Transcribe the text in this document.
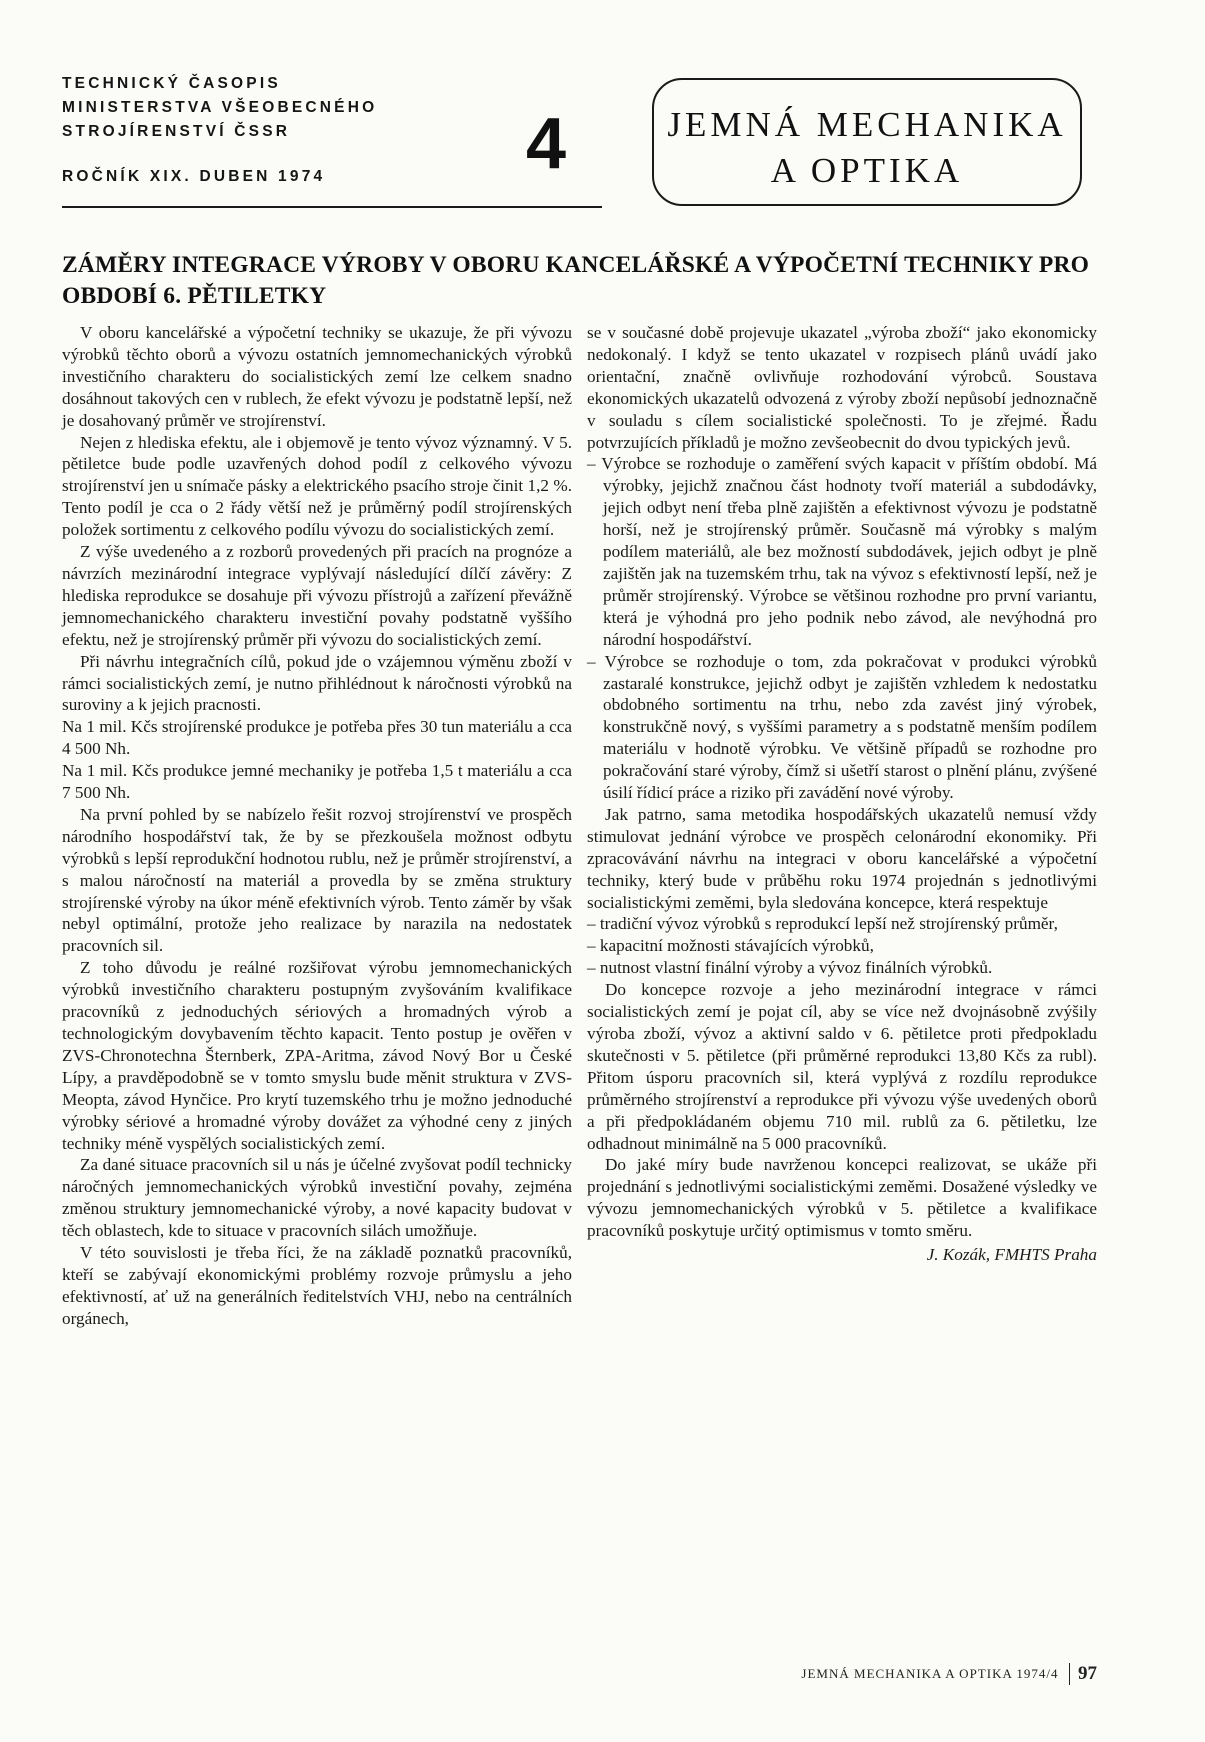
TECHNICKÝ ČASOPIS
MINISTERSTVA VŠEOBECNÉHO
STROJÍRENSTVÍ ČSSR
ROČNÍK XIX. DUBEN 1974	4	JEMNÁ MECHANIKA
A OPTIKA
ZÁMĚRY INTEGRACE VÝROBY V OBORU KANCELÁŘSKÉ A VÝPOČETNÍ TECHNIKY PRO OBDOBÍ 6. PĚTILETKY

V oboru kancelářské a výpočetní techniky se ukazuje, že při vývozu výrobků těchto oborů a vývozu ostatních jemnomechanických výrobků investičního charakteru do socialistických zemí lze celkem snadno dosáhnout takových cen v rublech, že efekt vývozu je podstatně lepší, než je dosahovaný průměr ve strojírenství.

Nejen z hlediska efektu, ale i objemově je tento vývoz významný. V 5. pětiletce bude podle uzavřených dohod podíl z celkového vývozu strojírenství jen u snímače pásky a elektrického psacího stroje činit 1,2 %. Tento podíl je cca o 2 řády větší než je průměrný podíl strojírenských položek sortimentu z celkového podílu vývozu do socialistických zemí.

Z výše uvedeného a z rozborů provedených při pracích na prognóze a návrzích mezinárodní integrace vyplývají následující dílčí závěry: Z hlediska reprodukce se dosahuje při vývozu přístrojů a zařízení převážně jemnomechanického charakteru investiční povahy podstatně vyššího efektu, než je strojírenský průměr při vývozu do socialistických zemí.

Při návrhu integračních cílů, pokud jde o vzájemnou výměnu zboží v rámci socialistických zemí, je nutno přihlédnout k náročnosti výrobků na suroviny a k jejich pracnosti.

Na 1 mil. Kčs strojírenské produkce je potřeba přes 30 tun materiálu a cca 4 500 Nh.

Na 1 mil. Kčs produkce jemné mechaniky je potřeba 1,5 t materiálu a cca 7 500 Nh.

Na první pohled by se nabízelo řešit rozvoj strojírenství ve prospěch národního hospodářství tak, že by se přezkoušela možnost odbytu výrobků s lepší reprodukční hodnotou rublu, než je průměr strojírenství, a s malou náročností na materiál a provedla by se změna struktury strojírenské výroby na úkor méně efektivních výrob. Tento záměr by však nebyl optimální, protože jeho realizace by narazila na nedostatek pracovních sil.

Z toho důvodu je reálné rozšiřovat výrobu jemnomechanických výrobků investičního charakteru postupným zvyšováním kvalifikace pracovníků z jednoduchých sériových a hromadných výrob a technologickým dovybavením těchto kapacit. Tento postup je ověřen v ZVS-Chronotechna Šternberk, ZPA-Aritma, závod Nový Bor u České Lípy, a pravděpodobně se v tomto smyslu bude měnit struktura v ZVS-Meopta, závod Hynčice. Pro krytí tuzemského trhu je možno jednoduché výrobky sériové a hromadné výroby dovážet za výhodné ceny z jiných techniky méně vyspělých socialistických zemí.

Za dané situace pracovních sil u nás je účelné zvyšovat podíl technicky náročných jemnomechanických výrobků investiční povahy, zejména změnou struktury jemnomechanické výroby, a nové kapacity budovat v těch oblastech, kde to situace v pracovních silách umožňuje.

V této souvislosti je třeba říci, že na základě poznatků pracovníků, kteří se zabývají ekonomickými problémy rozvoje průmyslu a jeho efektivností, ať už na generálních ředitelstvích VHJ, nebo na centrálních orgánech,

se v současné době projevuje ukazatel „výroba zboží“ jako ekonomicky nedokonalý. I když se tento ukazatel v rozpisech plánů uvádí jako orientační, značně ovlivňuje rozhodování výrobců. Soustava ekonomických ukazatelů odvozená z výroby zboží nepůsobí jednoznačně v souladu s cílem socialistické společnosti. To je zřejmé. Řadu potvrzujících příkladů je možno zevšeobecnit do dvou typických jevů.

– Výrobce se rozhoduje o zaměření svých kapacit v příštím období. Má výrobky, jejichž značnou část hodnoty tvoří materiál a subdodávky, jejich odbyt není třeba plně zajištěn a efektivnost vývozu je podstatně horší, než je strojírenský průměr. Současně má výrobky s malým podílem materiálů, ale bez možností subdodávek, jejich odbyt je plně zajištěn jak na tuzemském trhu, tak na vývoz s efektivností lepší, než je průměr strojírenský. Výrobce se většinou rozhodne pro první variantu, která je výhodná pro jeho podnik nebo závod, ale nevýhodná pro národní hospodářství.

– Výrobce se rozhoduje o tom, zda pokračovat v produkci výrobků zastaralé konstrukce, jejichž odbyt je zajištěn vzhledem k nedostatku obdobného sortimentu na trhu, nebo zda zavést jiný výrobek, konstrukčně nový, s vyššími parametry a s podstatně menším podílem materiálu v hodnotě výrobku. Ve většině případů se rozhodne pro pokračování staré výroby, čímž si ušetří starost o plnění plánu, zvýšené úsilí řídicí práce a riziko při zavádění nové výroby.

Jak patrno, sama metodika hospodářských ukazatelů nemusí vždy stimulovat jednání výrobce ve prospěch celonárodní ekonomiky. Při zpracovávání návrhu na integraci v oboru kancelářské a výpočetní techniky, který bude v průběhu roku 1974 projednán s jednotlivými socialistickými zeměmi, byla sledována koncepce, která respektuje

– tradiční vývoz výrobků s reprodukcí lepší než strojírenský průměr,

– kapacitní možnosti stávajících výrobků,

– nutnost vlastní finální výroby a vývoz finálních výrobků.

Do koncepce rozvoje a jeho mezinárodní integrace v rámci socialistických zemí je pojat cíl, aby se více než dvojnásobně zvýšily výroba zboží, vývoz a aktivní saldo v 6. pětiletce proti předpokladu skutečnosti v 5. pětiletce (při průměrné reprodukci 13,80 Kčs za rubl). Přitom úsporu pracovních sil, která vyplývá z rozdílu reprodukce průměrného strojírenství a reprodukce při vývozu výše uvedených oborů a při předpokládaném objemu 710 mil. rublů za 6. pětiletku, lze odhadnout minimálně na 5 000 pracovníků.

Do jaké míry bude navrženou koncepci realizovat, se ukáže při projednání s jednotlivými socialistickými zeměmi. Dosažené výsledky ve vývozu jemnomechanických výrobků v 5. pětiletce a kvalifikace pracovníků poskytuje určitý optimismus v tomto směru.

J. Kozák, FMHTS Praha

JEMNÁ MECHANIKA A OPTIKA 1974/4 97
